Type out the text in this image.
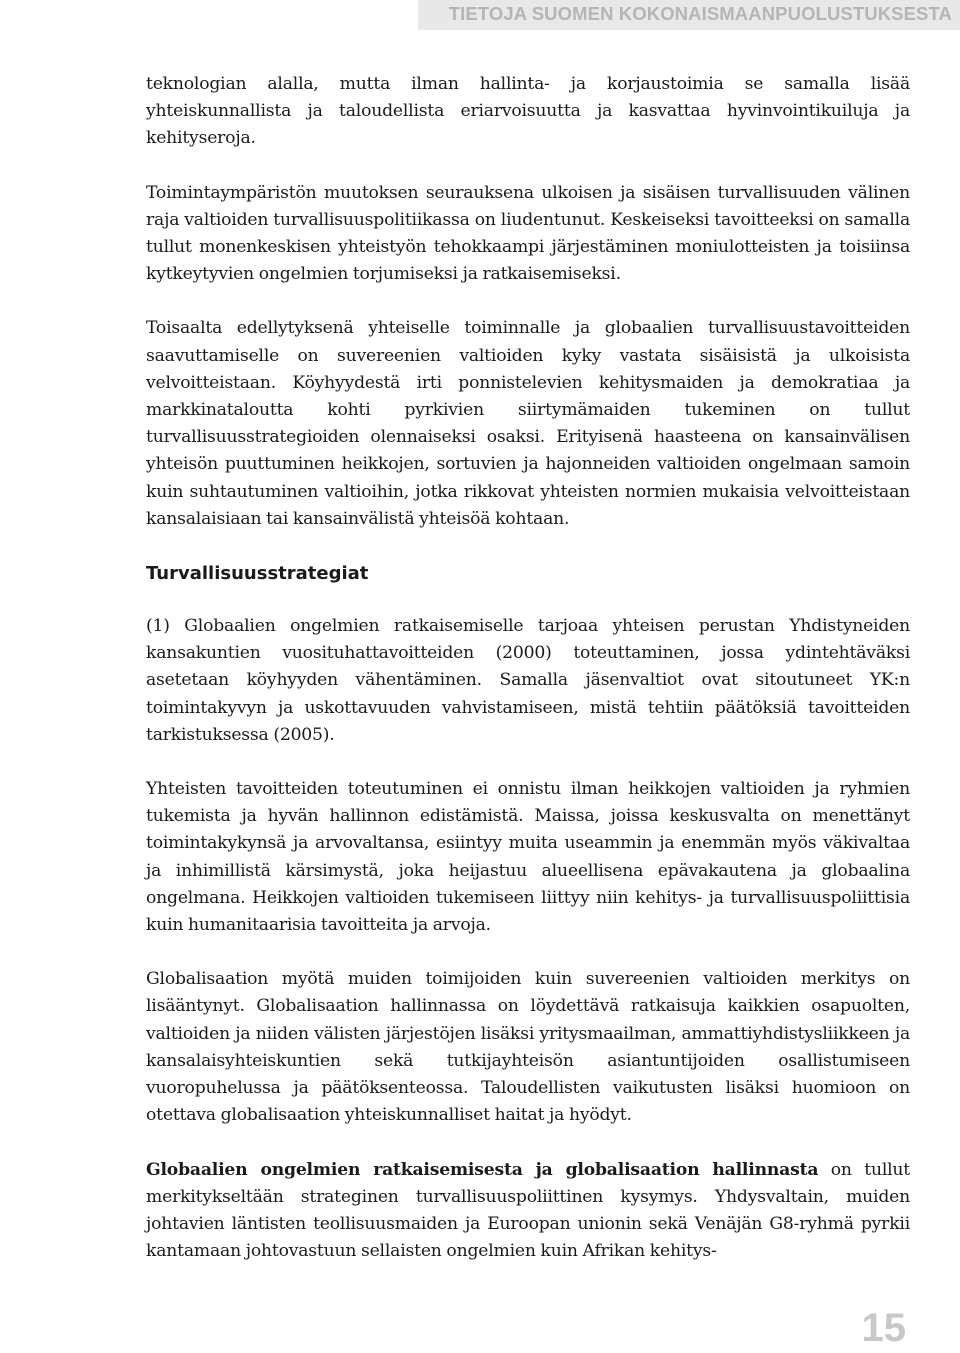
TIETOJA SUOMEN KOKONAISMAANPUOLUSTUKSESTA

teknologian alalla, mutta ilman hallinta- ja korjaustoimia se samalla lisää yhteiskunnallista ja taloudellista eriarvoisuutta ja kasvattaa hyvinvointikuiluja ja kehityseroja.

Toimintaympäristön muutoksen seurauksena ulkoisen ja sisäisen turvallisuuden välinen raja valtioiden turvallisuuspolitiikassa on liudentunut. Keskeiseksi tavoitteeksi on samalla tullut monenkeskisen yhteistyön tehokkaampi järjestäminen moniulotteisten ja toisiinsa kytkeytyvien ongelmien torjumiseksi ja ratkaisemiseksi.

Toisaalta edellytyksenä yhteiselle toiminnalle ja globaalien turvallisuustavoitteiden saavuttamiselle on suvereenien valtioiden kyky vastata sisäisistä ja ulkoisista velvoitteistaan. Köyhyydestä irti ponnistelevien kehitysmaiden ja demokratiaa ja markkinataloutta kohti pyrkivien siirtymämaiden tukeminen on tullut turvallisuusstrategioiden olennaiseksi osaksi. Erityisenä haasteena on kansainvälisen yhteisön puuttuminen heikkojen, sortuvien ja hajonneiden valtioiden ongelmaan samoin kuin suhtautuminen valtioihin, jotka rikkovat yhteisten normien mukaisia velvoitteistaan kansalaisiaan tai kansainvälistä yhteisöä kohtaan.

Turvallisuusstrategiat

(1) Globaalien ongelmien ratkaisemiselle tarjoaa yhteisen perustan Yhdistyneiden kansakuntien vuosituhattavoitteiden (2000) toteuttaminen, jossa ydintehtäväksi asetetaan köyhyyden vähentäminen. Samalla jäsenvaltiot ovat sitoutuneet YK:n toimintakyvyn ja uskottavuuden vahvistamiseen, mistä tehtiin päätöksiä tavoitteiden tarkistuksessa (2005).

Yhteisten tavoitteiden toteutuminen ei onnistu ilman heikkojen valtioiden ja ryhmien tukemista ja hyvän hallinnon edistämistä. Maissa, joissa keskusvalta on menettänyt toimintakykynsä ja arvovaltansa, esiintyy muita useammin ja enemmän myös väkivaltaa ja inhimillistä kärsimystä, joka heijastuu alueellisena epävakautena ja globaalina ongelmana. Heikkojen valtioiden tukemiseen liittyy niin kehitys- ja turvallisuuspoliittisia kuin humanitaarisia tavoitteita ja arvoja.

Globalisaation myötä muiden toimijoiden kuin suvereenien valtioiden merkitys on lisääntynyt. Globalisaation hallinnassa on löydettävä ratkaisuja kaikkien osapuolten, valtioiden ja niiden välisten järjestöjen lisäksi yritysmaailman, ammattiyhdistysliikkeen ja kansalaisyhteiskuntien sekä tutkijayhteisön asiantuntijoiden osallistumiseen vuoropuhelussa ja päätöksenteossa. Taloudellisten vaikutusten lisäksi huomioon on otettava globalisaation yhteiskunnalliset haitat ja hyödyt.

Globaalien ongelmien ratkaisemisesta ja globalisaation hallinnasta on tullut merkitykseltään strateginen turvallisuuspoliittinen kysymys. Yhdysvaltain, muiden johtavien läntisten teollisuusmaiden ja Euroopan unionin sekä Venäjän G8-ryhmä pyrkii kantamaan johtovastuun sellaisten ongelmien kuin Afrikan kehitys-

15
